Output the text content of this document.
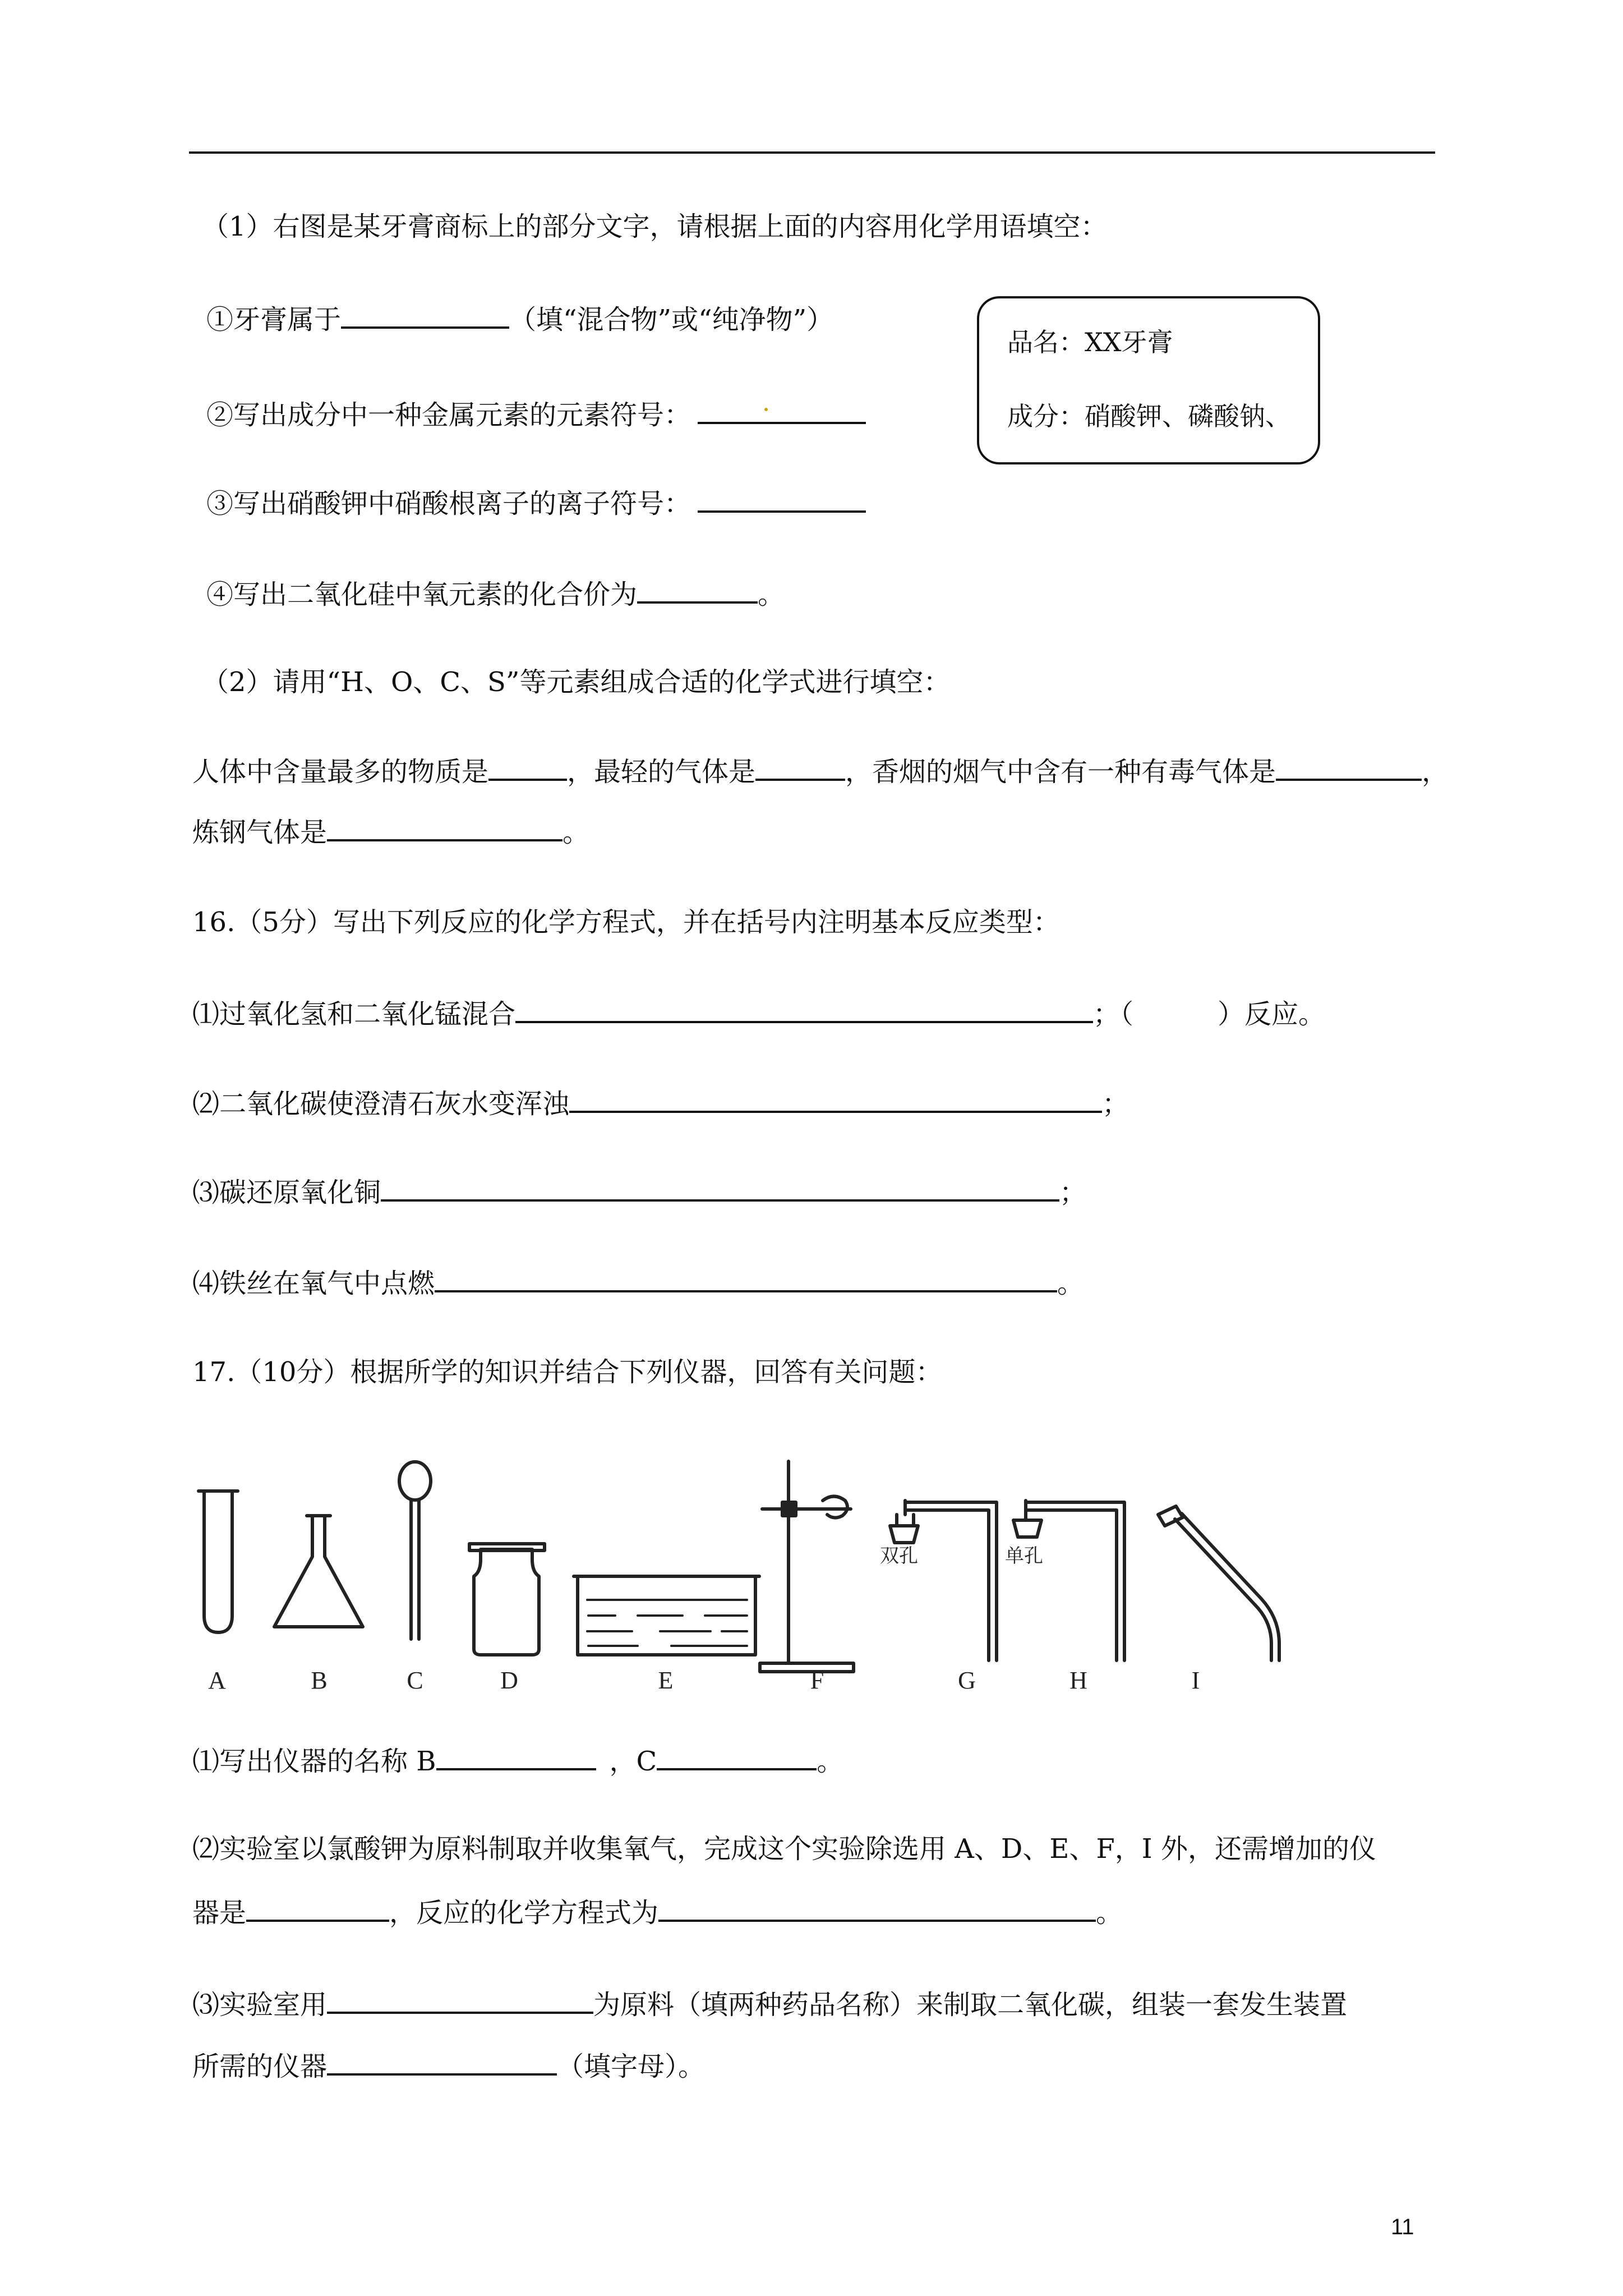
（1）右图是某牙膏商标上的部分文字，请根据上面的内容用化学用语填空：
①牙膏属于	（填“混合物”或“纯净物”）
②写出成分中一种金属元素的元素符号：
③写出硝酸钾中硝酸根离子的离子符号：
④写出二氧化硅中氧元素的化合价为	。
品名：XX牙膏
成分：硝酸钾、磷酸钠、
（2）请用“H、O、C、S”等元素组成合适的化学式进行填空：
人体中含量最多的物质是	，最轻的气体是	，香烟的烟气中含有一种有毒气体是	，
炼钢气体是	。
16.（5分）写出下列反应的化学方程式，并在括号内注明基本反应类型：
⑴过氧化氢和二氧化锰混合	；（	）反应。
⑵二氧化碳使澄清石灰水变浑浊	；
⑶碳还原氧化铜	；
⑷铁丝在氧气中点燃	。
17.（10分）根据所学的知识并结合下列仪器，回答有关问题：
双孔	单孔
A	B	C	D	E	F	G	H	I
⑴写出仪器的名称 B	，C	。
⑵实验室以氯酸钾为原料制取并收集氧气，完成这个实验除选用 A、D、E、F，I 外，还需增加的仪
器是	，反应的化学方程式为	。
⑶实验室用	为原料（填两种药品名称）来制取二氧化碳，组装一套发生装置
所需的仪器	（填字母）。
11
